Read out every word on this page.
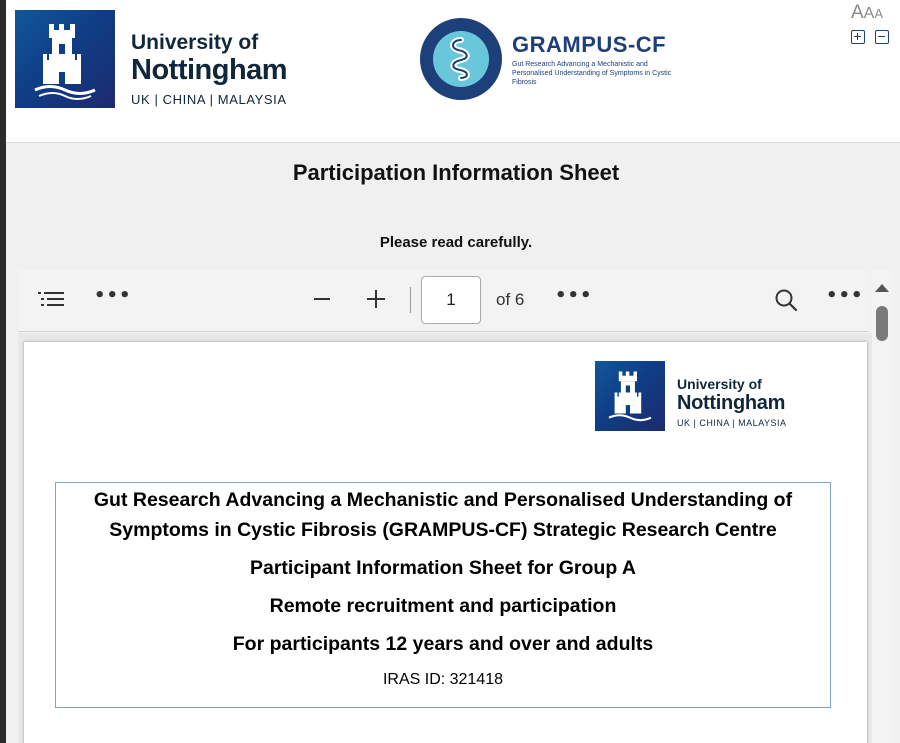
University of
Nottingham
UK | CHINA | MALAYSIA
GRAMPUS-CF
Gut Research Advancing a Mechanistic and Personalised Understanding of Symptoms in Cystic Fibrosis
AAA
Participation Information Sheet
Please read carefully.
•••
1	of 6 •••	•••
University of
Nottingham
UK | CHINA | MALAYSIA
Gut Research Advancing a Mechanistic and Personalised Understanding of
Symptoms in Cystic Fibrosis (GRAMPUS-CF) Strategic Research Centre
Participant Information Sheet for Group A
Remote recruitment and participation
For participants 12 years and over and adults
IRAS ID: 321418
